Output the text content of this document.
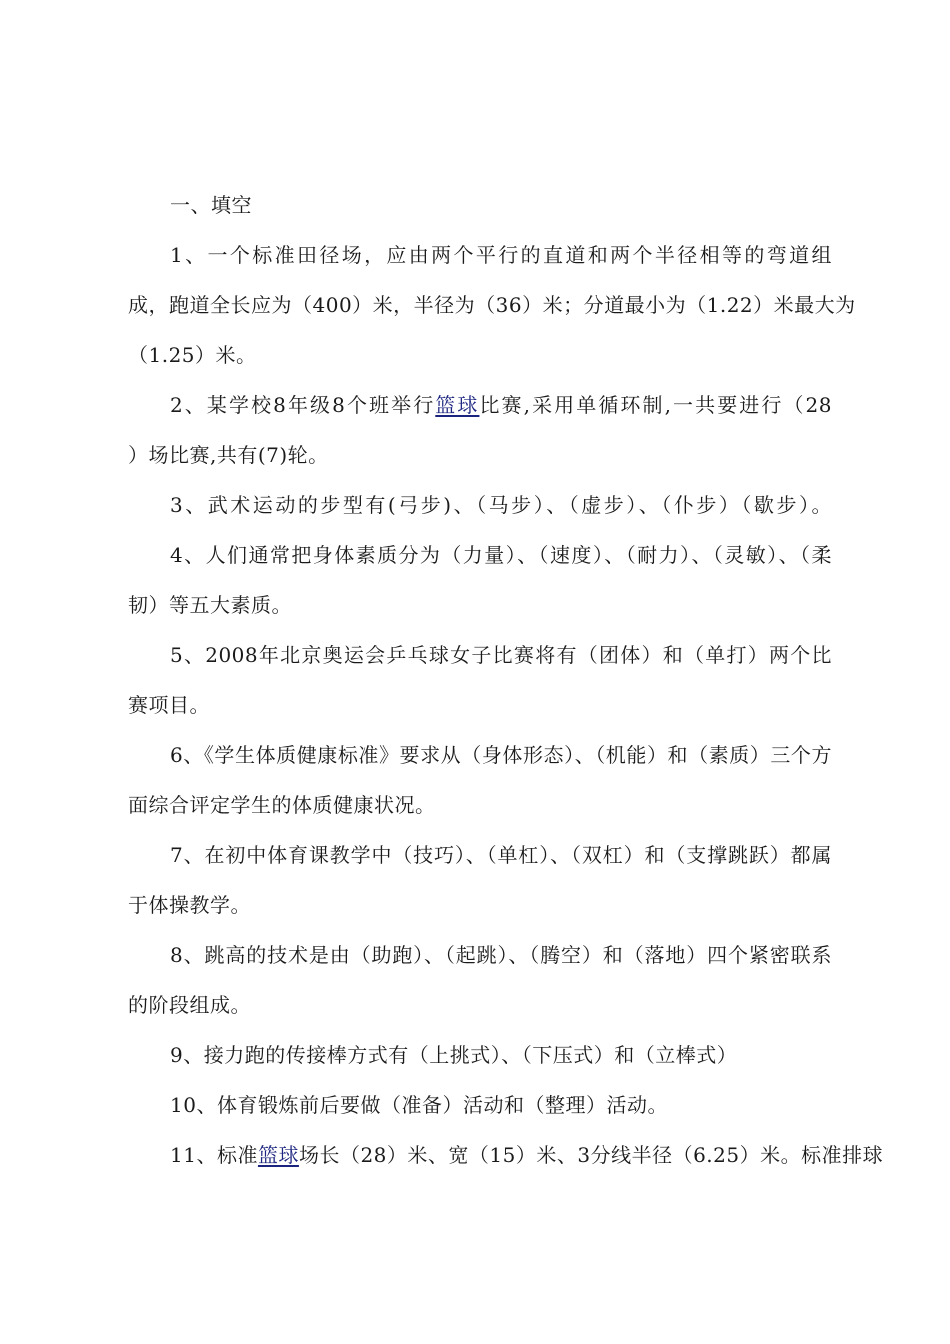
一、填空
1、一个标准田径场，应由两个平行的直道和两个半径相等的弯道组
成，跑道全长应为（400）米，半径为（36）米；分道最小为（1.22）米最大为
（1.25）米。
2、某学校8年级8个班举行篮球比赛,采用单循环制,一共要进行（28
）场比赛,共有(7)轮。
3、武术运动的步型有(弓步)、（马步）、（虚步）、（仆步）（歇步）。
4、人们通常把身体素质分为（力量）、（速度）、（耐力）、（灵敏）、（柔
韧）等五大素质。
5、2008年北京奥运会乒乓球女子比赛将有（团体）和（单打）两个比
赛项目。
6、《学生体质健康标准》要求从（身体形态）、（机能）和（素质）三个方
面综合评定学生的体质健康状况。
7、在初中体育课教学中（技巧）、（单杠）、（双杠）和（支撑跳跃）都属
于体操教学。
8、跳高的技术是由（助跑）、（起跳）、（腾空）和（落地）四个紧密联系
的阶段组成。
9、接力跑的传接棒方式有（上挑式）、（下压式）和（立棒式）
10、体育锻炼前后要做（准备）活动和（整理）活动。
11、标准篮球场长（28）米、宽（15）米、3分线半径（6.25）米。标准排球
